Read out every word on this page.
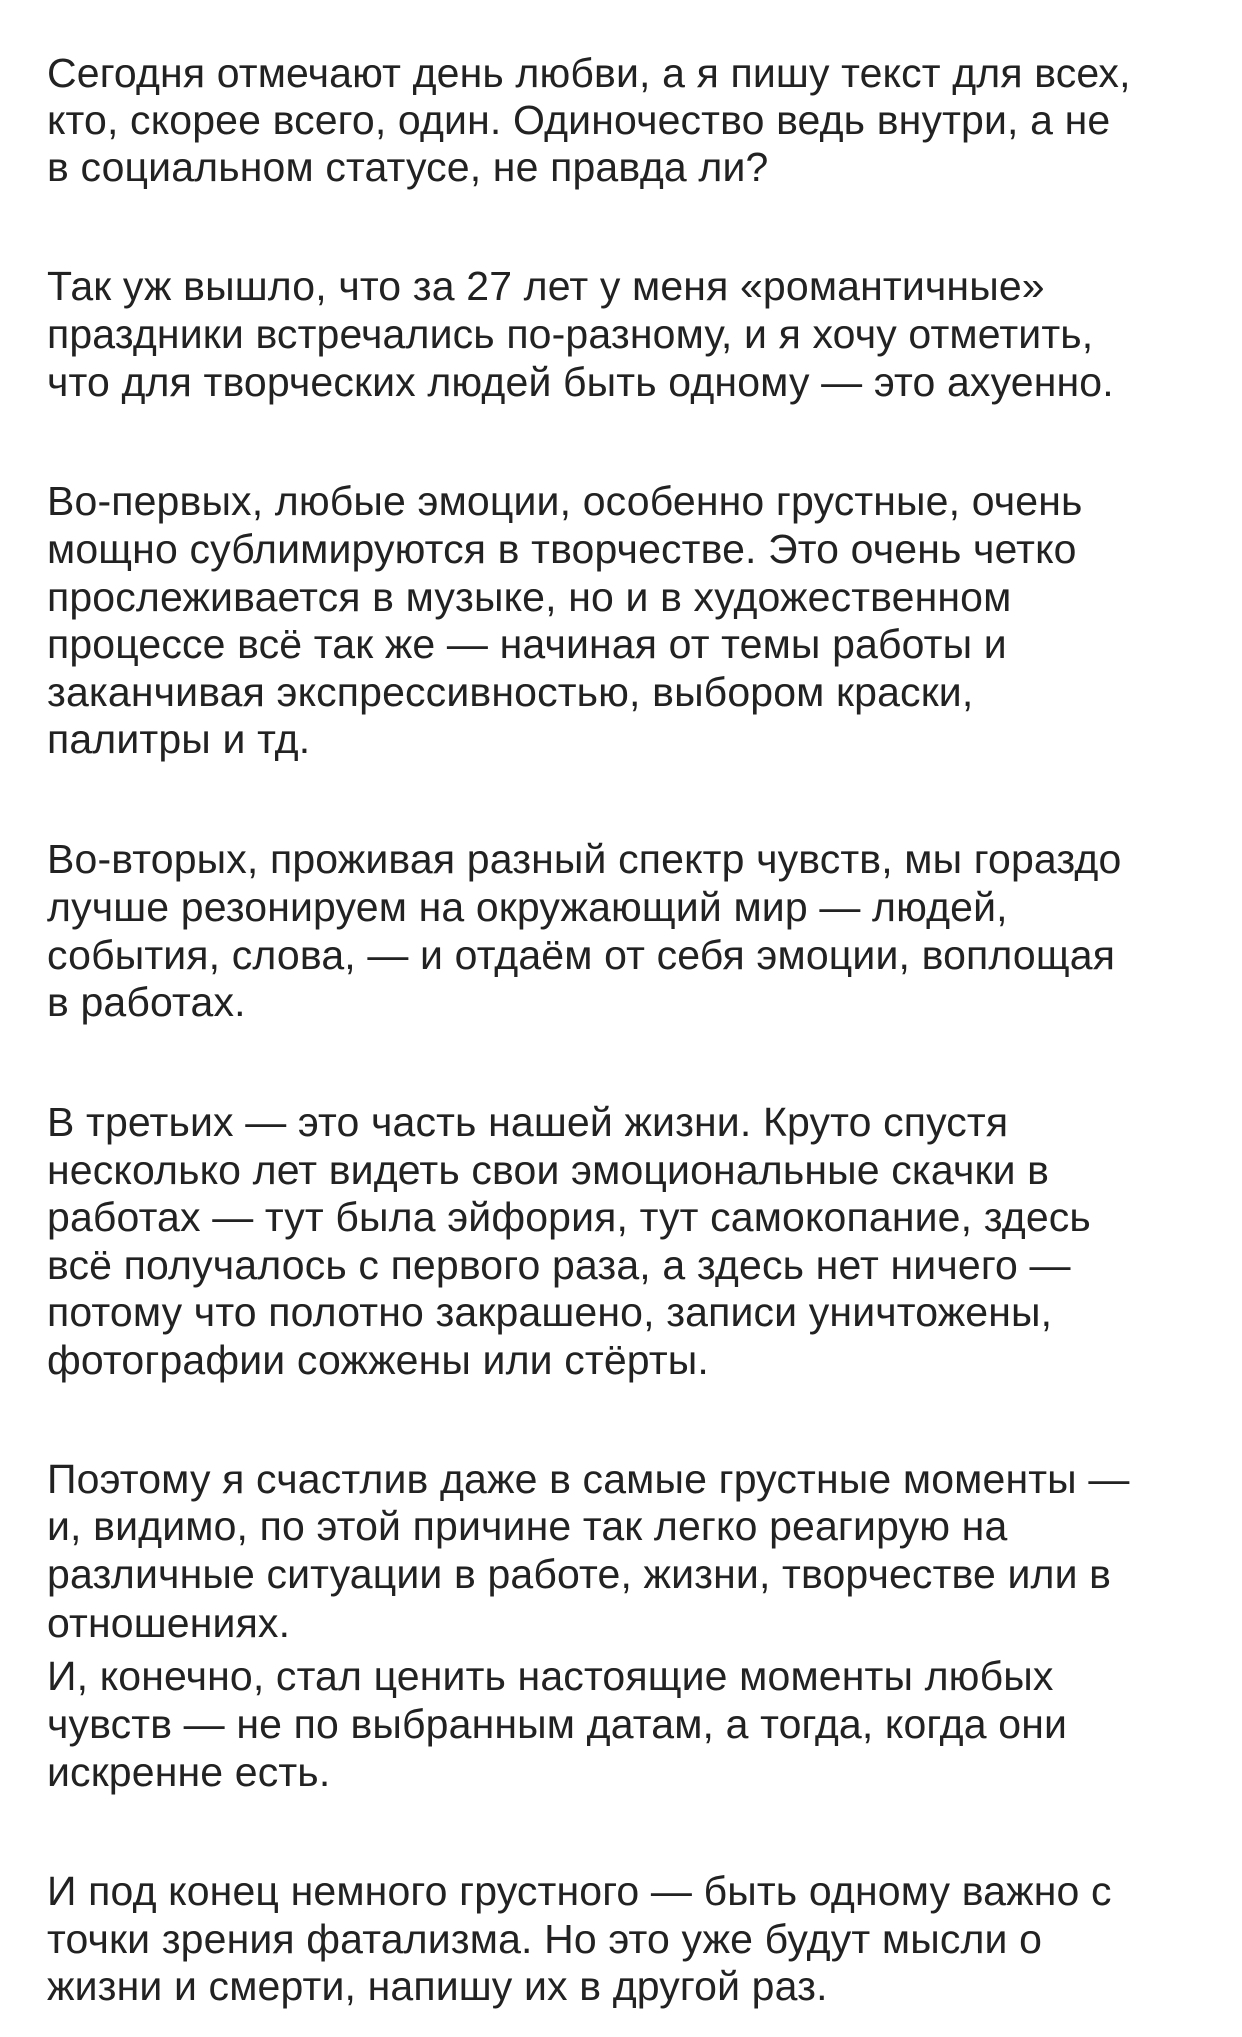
Сегодня отмечают день любви, а я пишу текст для всех,
кто, скорее всего, один. Одиночество ведь внутри, а не
в социальном статусе, не правда ли?
Так уж вышло, что за 27 лет у меня «романтичные»
праздники встречались по-разному, и я хочу отметить,
что для творческих людей быть одному — это ахуенно.
Во-первых, любые эмоции, особенно грустные, очень
мощно сублимируются в творчестве. Это очень четко
прослеживается в музыке, но и в художественном
процессе всё так же — начиная от темы работы и
заканчивая экспрессивностью, выбором краски,
палитры и тд.
Во-вторых, проживая разный спектр чувств, мы гораздо
лучше резонируем на окружающий мир — людей,
события, слова, — и отдаём от себя эмоции, воплощая
в работах.
В третьих — это часть нашей жизни. Круто спустя
несколько лет видеть свои эмоциональные скачки в
работах — тут была эйфория, тут самокопание, здесь
всё получалось с первого раза, а здесь нет ничего —
потому что полотно закрашено, записи уничтожены,
фотографии сожжены или стёрты.
Поэтому я счастлив даже в самые грустные моменты —
и, видимо, по этой причине так легко реагирую на
различные ситуации в работе, жизни, творчестве или в
отношениях.
И, конечно, стал ценить настоящие моменты любых
чувств — не по выбранным датам, а тогда, когда они
искренне есть.
И под конец немного грустного — быть одному важно с
точки зрения фатализма. Но это уже будут мысли о
жизни и смерти, напишу их в другой раз.
